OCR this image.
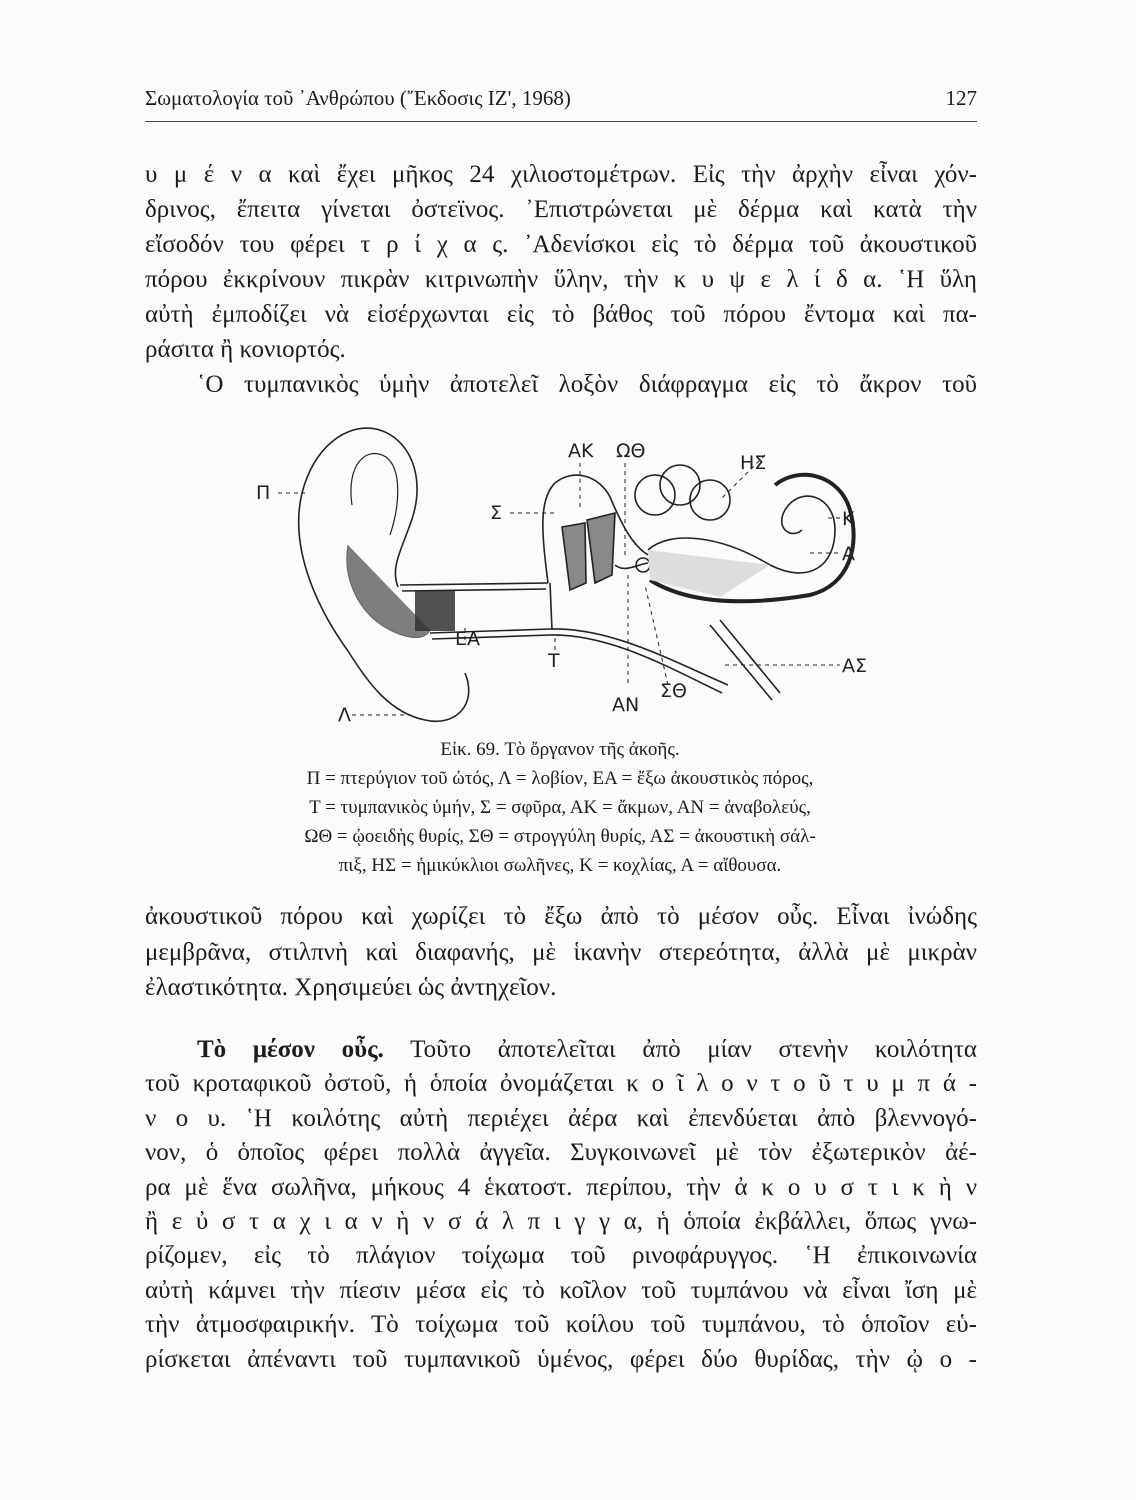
Σωματολογία τοῦ ᾿Ανθρώπου (῎Εκδοσις ΙΖ', 1968)	127
υ μ έ ν α καὶ ἔχει μῆκος 24 χιλιοστομέτρων. Εἰς τὴν ἀρχὴν εἶναι χόν-
δρινος, ἔπειτα γίνεται ὀστεϊνος. ᾿Επιστρώνεται μὲ δέρμα καὶ κατὰ τὴν
εἴσοδόν του φέρει τ ρ ί χ α ς. ᾿Αδενίσκοι εἰς τὸ δέρμα τοῦ ἀκουστικοῦ
πόρου ἐκκρίνουν πικρὰν κιτρινωπὴν ὕλην, τὴν κ υ ψ ε λ ί δ α. ῾Η ὕλη
αὐτὴ ἐμποδίζει νὰ εἰσέρχωνται εἰς τὸ βάθος τοῦ πόρου ἔντομα καὶ πα-
ράσιτα ἢ κονιορτός.
῾Ο τυμπανικὸς ὑμὴν ἀποτελεῖ λοξὸν διάφραγμα εἰς τὸ ἄκρον τοῦ
Π
Λ
ΕΑ
Σ
Τ
ΑΚ ΩΘ
ΑΝ
ΣΘ
ΗΣ
Κ
Α
ΑΣ
Εἰκ. 69. Τὸ ὄργανον τῆς ἀκοῆς.
Π = πτερύγιον τοῦ ὠτός, Λ = λοβίον, ΕΑ = ἔξω ἀκουστικὸς πόρος,
Τ = τυμπανικὸς ὑμήν, Σ = σφῦρα, ΑΚ = ἄκμων, ΑΝ = ἀναβολεύς,
ΩΘ = ᾠοειδὴς θυρίς, ΣΘ = στρογγύλη θυρίς, ΑΣ = ἀκουστικὴ σάλ-
πιξ, ΗΣ = ἡμικύκλιοι σωλῆνες, Κ = κοχλίας, Α = αἴθουσα.
ἀκουστικοῦ πόρου καὶ χωρίζει τὸ ἔξω ἀπὸ τὸ μέσον οὖς. Εἶναι ἰνώδης
μεμβρᾶνα, στιλπνὴ καὶ διαφανής, μὲ ἱκανὴν στερεότητα, ἀλλὰ μὲ μικρὰν
ἐλαστικότητα. Χρησιμεύει ὡς ἀντηχεῖον.
Τὸ μέσον οὖς. Τοῦτο ἀποτελεῖται ἀπὸ μίαν στενὴν κοιλότητα
τοῦ κροταφικοῦ ὀστοῦ, ἡ ὁποία ὀνομάζεται κ ο ῖ λ ο ν τ ο ῦ τ υ μ π ά -
ν ο υ. ῾Η κοιλότης αὐτὴ περιέχει ἀέρα καὶ ἐπενδύεται ἀπὸ βλεννογό-
νον, ὁ ὁποῖος φέρει πολλὰ ἀγγεῖα. Συγκοινωνεῖ μὲ τὸν ἐξωτερικὸν ἀέ-
ρα μὲ ἕνα σωλῆνα, μήκους 4 ἑκατοστ. περίπου, τὴν ἀ κ ο υ σ τ ι κ ὴ ν
ἢ ε ὐ σ τ α χ ι α ν ὴ ν σ ά λ π ι γ γ α, ἡ ὁποία ἐκβάλλει, ὅπως γνω-
ρίζομεν, εἰς τὸ πλάγιον τοίχωμα τοῦ ρινοφάρυγγος. ῾Η ἐπικοινωνία
αὐτὴ κάμνει τὴν πίεσιν μέσα εἰς τὸ κοῖλον τοῦ τυμπάνου νὰ εἶναι ἴση μὲ
τὴν ἀτμοσφαιρικήν. Τὸ τοίχωμα τοῦ κοίλου τοῦ τυμπάνου, τὸ ὁποῖον εὑ-
ρίσκεται ἀπέναντι τοῦ τυμπανικοῦ ὑμένος, φέρει δύο θυρίδας, τὴν ᾠ ο -
